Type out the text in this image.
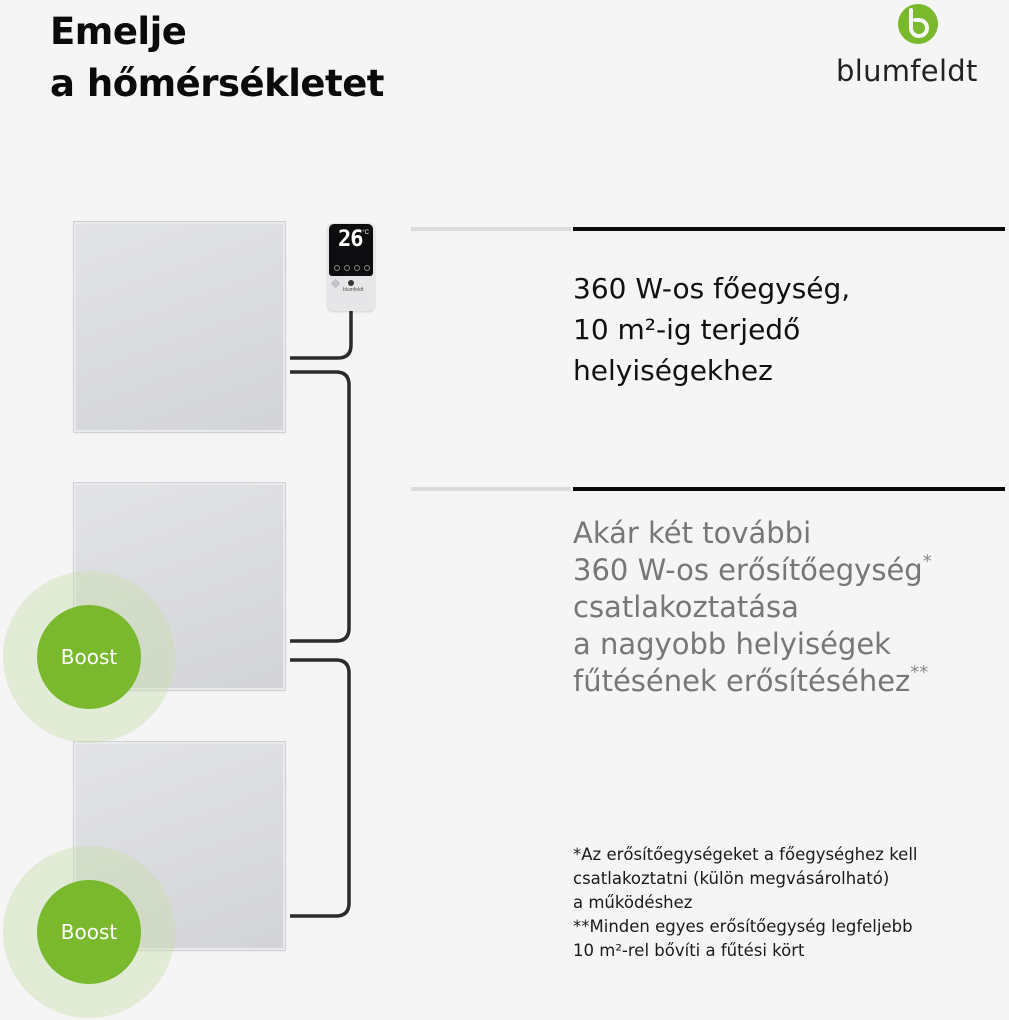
Emelje
a hőmérsékletet	blumfeldt
26 °C
blumfeldt	360 W-os főegység,
10 m²-ig terjedő
helyiségekhez

Akár két további
360 W-os erősítőegység*
csatlakoztatása
a nagyobb helyiségek
fűtésének erősítéséhez**

*Az erősítőegységeket a főegységhez kell
csatlakoztatni (külön megvásárolható)
a működéshez
**Minden egyes erősítőegység legfeljebb
10 m²-rel bővíti a fűtési kört

Boost
Boost
